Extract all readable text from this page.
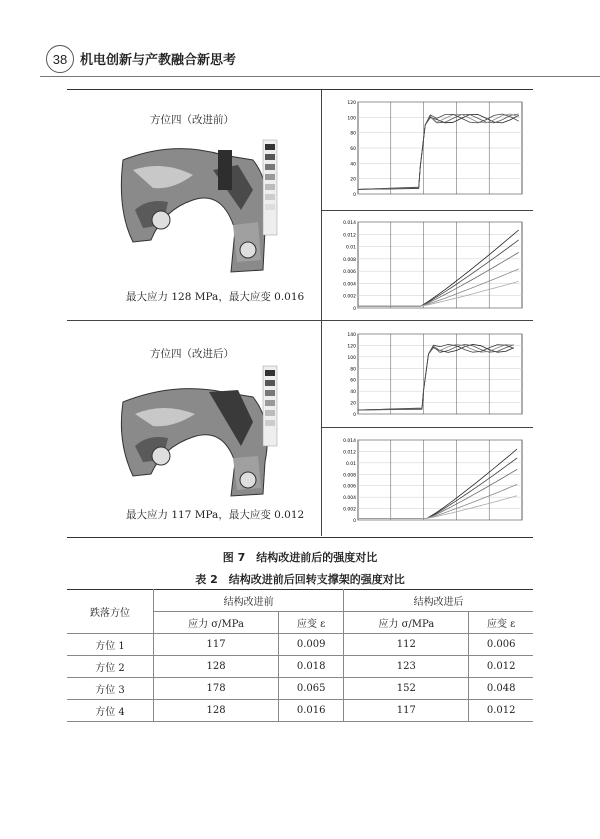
38 机电创新与产教融合新思考
方位四（改进前）
最大应力 128 MPa，最大应变 0.016
方位四（改进后）
最大应力 117 MPa，最大应变 0.012
120
100
80
60
40
20
0
0.014
0.012
0.01
0.008
0.006
0.004
0.002
0
140
120
100
80
60
40
20
0
0.014
0.012
0.01
0.008
0.006
0.004
0.002
0
图 7　结构改进前后的强度对比
表 2　结构改进前后回转支撑架的强度对比
跌落方位	结构改进前		结构改进后	
	应力 σ/MPa	应变 ε	应力 σ/MPa	应变 ε
方位 1	117	0.009	112	0.006
方位 2	128	0.018	123	0.012
方位 3	178	0.065	152	0.048
方位 4	128	0.016	117	0.012
